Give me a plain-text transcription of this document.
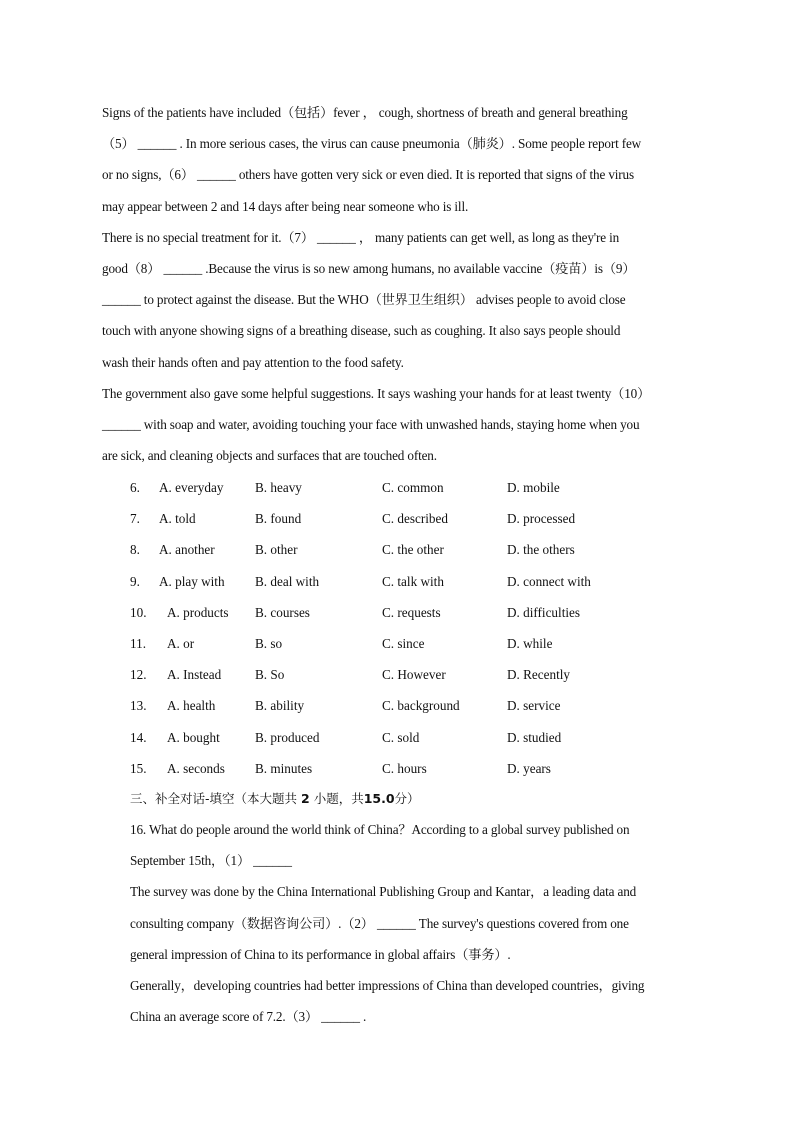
Signs of the patients have included（包括）fever ， cough, shortness of breath and general breathing

（5） ______ . In more serious cases, the virus can cause pneumonia（肺炎）. Some people report few

or no signs,（6） ______ others have gotten very sick or even died. It is reported that signs of the virus

may appear between 2 and 14 days after being near someone who is ill.

There is no special treatment for it.（7） ______ ， many patients can get well, as long as they're in

good（8） ______ .Because the virus is so new among humans, no available vaccine（疫苗）is（9）

______ to protect against the disease. But the WHO（世界卫生组织） advises people to avoid close

touch with anyone showing signs of a breathing disease, such as coughing. It also says people should

wash their hands often and pay attention to the food safety.

The government also gave some helpful suggestions. It says washing your hands for at least twenty（10）

______ with soap and water, avoiding touching your face with unwashed hands, staying home when you

are sick, and cleaning objects and surfaces that are touched often.

6. A. everyday B. heavy	C. common	D. mobile
7. A. told	B. found	C. described	D. processed
8. A. another	B. other	C. the other	D. the others
9. A. play with B. deal with	C. talk with	D. connect with
10. A. products B. courses	C. requests	D. difficulties
11. A. or	B. so	C. since	D. while
12. A. Instead	B. So	C. However	D. Recently
13. A. health	B. ability	C. background	D. service
14. A. bought	B. produced	C. sold	D. studied
15. A. seconds B. minutes	C. hours	D. years
三、补全对话-填空（本大题共 2 小题，共15.0分）

16. What do people around the world think of China？According to a global survey published on

September 15th，（1） ______

The survey was done by the China International Publishing Group and Kantar，a leading data and

consulting company（数据咨询公司）.（2） ______ The survey's questions covered from one

general impression of China to its performance in global affairs（事务）.

Generally，developing countries had better impressions of China than developed countries，giving

China an average score of 7.2.（3） ______ .
